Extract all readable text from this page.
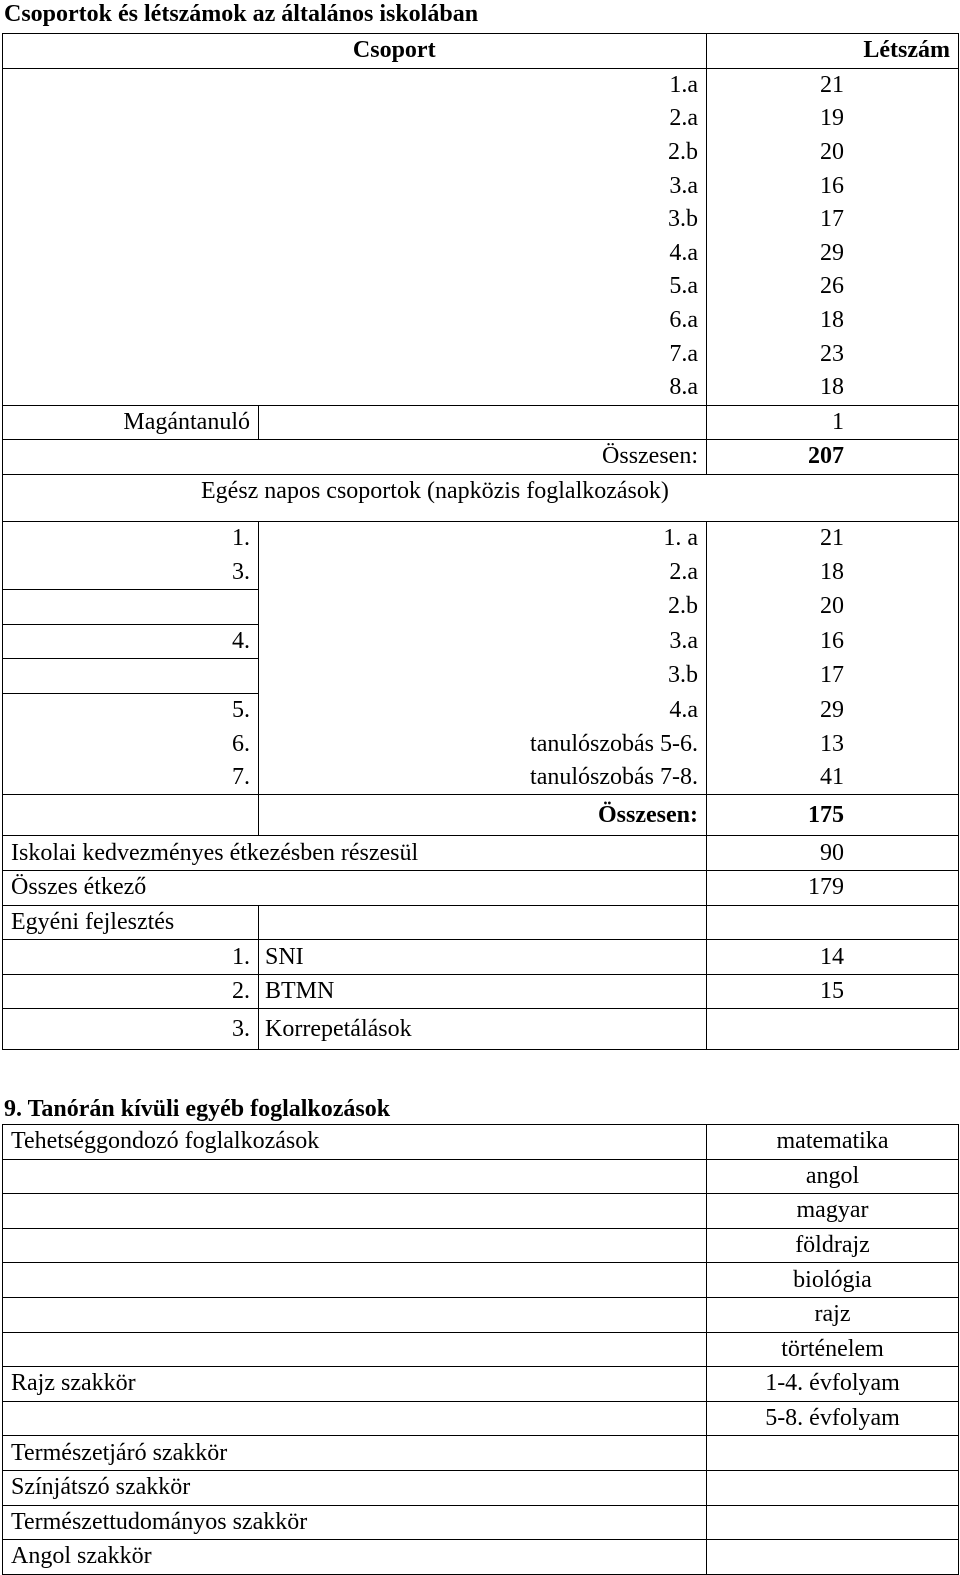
Csoportok és létszámok az általános iskolában
	Csoport	Létszám
	1.a	21
	2.a	19
	2.b	20
	3.a	16
	3.b	17
	4.a	29
	5.a	26
	6.a	18
	7.a	23
	8.a	18
Magántanuló		1
	Összesen:	207
Egész napos csoportok (napközis foglalkozások)		
1.	1. a	21
3.	2.a	18
	2.b	20
4.	3.a	16
	3.b	17
5.	4.a	29
6.	tanulószobás 5-6.	13
7.	tanulószobás 7-8.	41
	Összesen:	175
Iskolai kedvezményes étkezésben részesül		90
Összes étkező		179
Egyéni fejlesztés		
1.	SNI	14
2.	BTMN	15
3.	Korrepetálások	
9. Tanórán kívüli egyéb foglalkozások
Tehetséggondozó foglalkozások	matematika
	angol
	magyar
	földrajz
	biológia
	rajz
	történelem
Rajz szakkör	1-4. évfolyam
	5-8. évfolyam
Természetjáró szakkör	
Színjátszó szakkör	
Természettudományos szakkör	
Angol szakkör	
